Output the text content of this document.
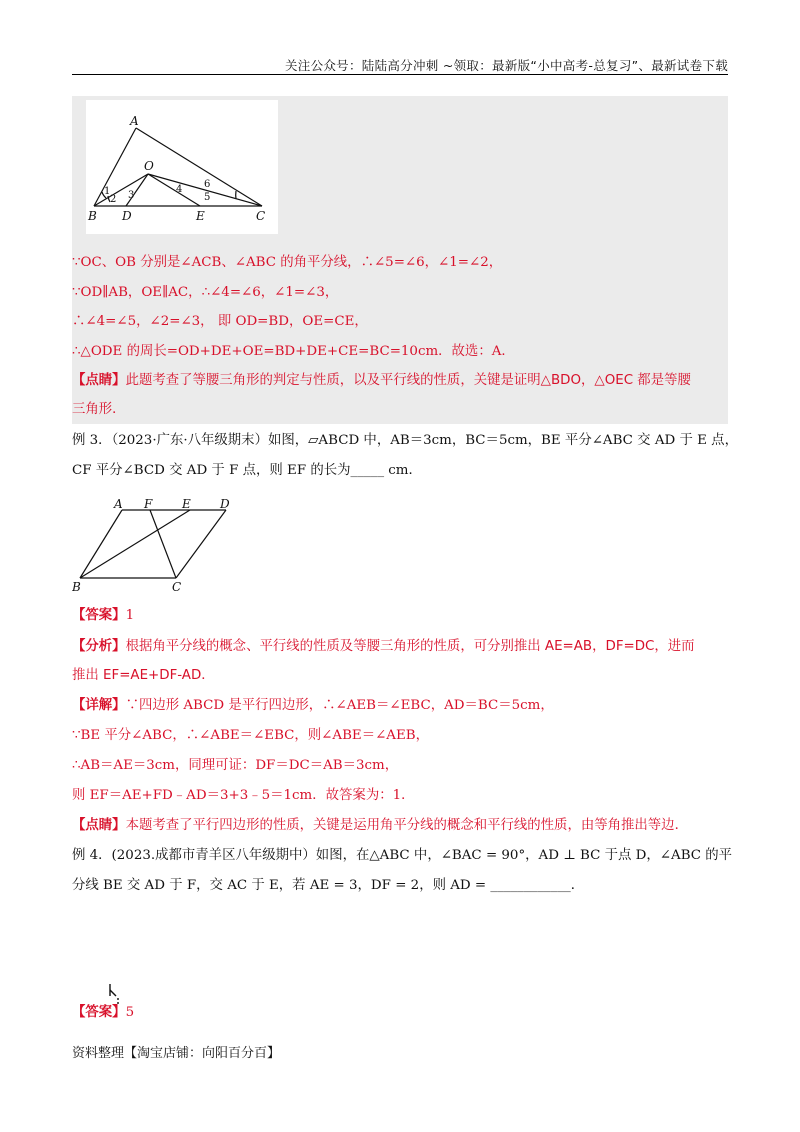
关注公众号：陆陆高分冲刺 ~领取：最新版“小中高考-总复习”、最新试卷下载
A
O
1
2 3
4
5
6
B D	E	C
∵OC、OB 分别是∠ACB、∠ABC 的角平分线，∴∠5=∠6，∠1=∠2，
∵OD∥AB，OE∥AC，∴∠4=∠6，∠1=∠3，
∴∠4=∠5，∠2=∠3， 即 OD=BD，OE=CE，
∴△ODE 的周长=OD+DE+OE=BD+DE+CE=BC=10cm．故选：A．
【点睛】此题考查了等腰三角形的判定与性质，以及平行线的性质，关键是证明△BDO，△OEC 都是等腰
三角形．
例 3．（2023·广东·八年级期末）如图，▱ABCD 中，AB＝3cm，BC＝5cm，BE 平分∠ABC 交 AD 于 E 点，
CF 平分∠BCD 交 AD 于 F 点，则 EF 的长为_____ cm．
A F E D
B	C
【答案】1
【分析】根据角平分线的概念、平行线的性质及等腰三角形的性质，可分别推出 AE=AB，DF=DC，进而
推出 EF=AE+DF-AD．
【详解】∵四边形 ABCD 是平行四边形，∴∠AEB＝∠EBC，AD＝BC＝5cm，
∵BE 平分∠ABC，∴∠ABE＝∠EBC，则∠ABE＝∠AEB，
∴AB＝AE＝3cm，同理可证：DF＝DC＝AB＝3cm，
则 EF＝AE+FD﹣AD＝3+3﹣5＝1cm．故答案为：1．
【点睛】本题考查了平行四边形的性质，关键是运用角平分线的概念和平行线的性质，由等角推出等边．
例 4．(2023.成都市青羊区八年级期中）如图，在△ABC 中，∠BAC = 90°，AD ⊥ BC 于点 D，∠ABC 的平
分线 BE 交 AD 于 F，交 AC 于 E，若 AE = 3，DF = 2，则 AD = ____________．
【答案】5
资料整理【淘宝店铺：向阳百分百】
